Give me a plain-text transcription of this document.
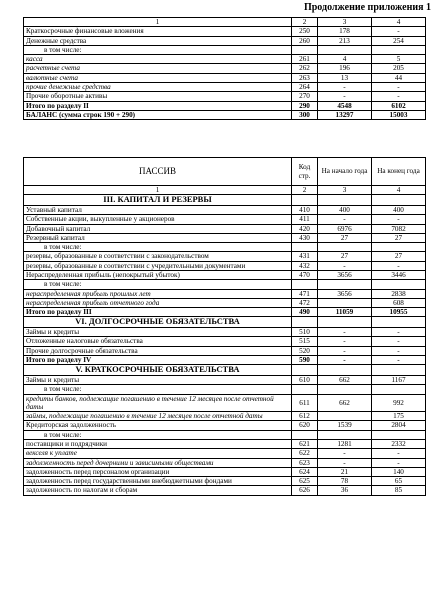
Продолжение приложения 1
1	2	3	4
Краткосрочные финансовые вложения	250	178	-
Денежные средства	260	213	254
в том числе:			
касса	261	4	5
расчетные счета	262	196	205
валютные счета	263	13	44
прочие денежные средства	264	-	-
Прочие оборотные активы	270	-	-
Итого по разделу II	290	4548	6102
БАЛАНС (сумма строк 190 + 290)	300	13297	15003
ПАССИВ	Код стр.	На начало года	На конец года
1	2	3	4
III. КАПИТАЛ И РЕЗЕРВЫ			
Уставный капитал	410	400	400
Собственные акции, выкупленные у акционеров	411	-	-
Добавочный капитал	420	6976	7082
Резервный капитал	430	27	27
в том числе:			
резервы, образованные в соответствии с законодательством	431	27	27
резервы, образованные в соответствии с учредительными документами	432	-	-
Нераспределенная прибыль (непокрытый убыток)	470	3656	3446
в том числе:			
нераспределенная прибыль прошлых лет	471	3656	2838
нераспределенная прибыль отчетного года	472		608
Итого по разделу III	490	11059	10955
VI. ДОЛГОСРОЧНЫЕ ОБЯЗАТЕЛЬСТВА			
Займы и кредиты	510	-	-
Отложенные налоговые обязательства	515	-	-
Прочие долгосрочные обязательства	520	-	-
Итого по разделу IV	590	-	-
V. КРАТКОСРОЧНЫЕ ОБЯЗАТЕЛЬСТВА			
Займы и кредиты	610	662	1167
в том числе:			
кредиты банков, подлежащие погашению в течение 12 месяцев после отчетной даты	611	662	992
займы, подлежащие погашению в течение 12 месяцев после отчетной даты	612		175
Кредиторская задолженность	620	1539	2804
в том числе:			
поставщики и подрядчики	621	1281	2332
векселя к уплате	622	-	-
задолженность перед дочерними и зависимыми обществами	623	-	-
задолженность перед персоналом организации	624	21	140
задолженность перед государственными внебюджетными фондами	625	78	65
задолженность по налогам и сборам	626	36	85
